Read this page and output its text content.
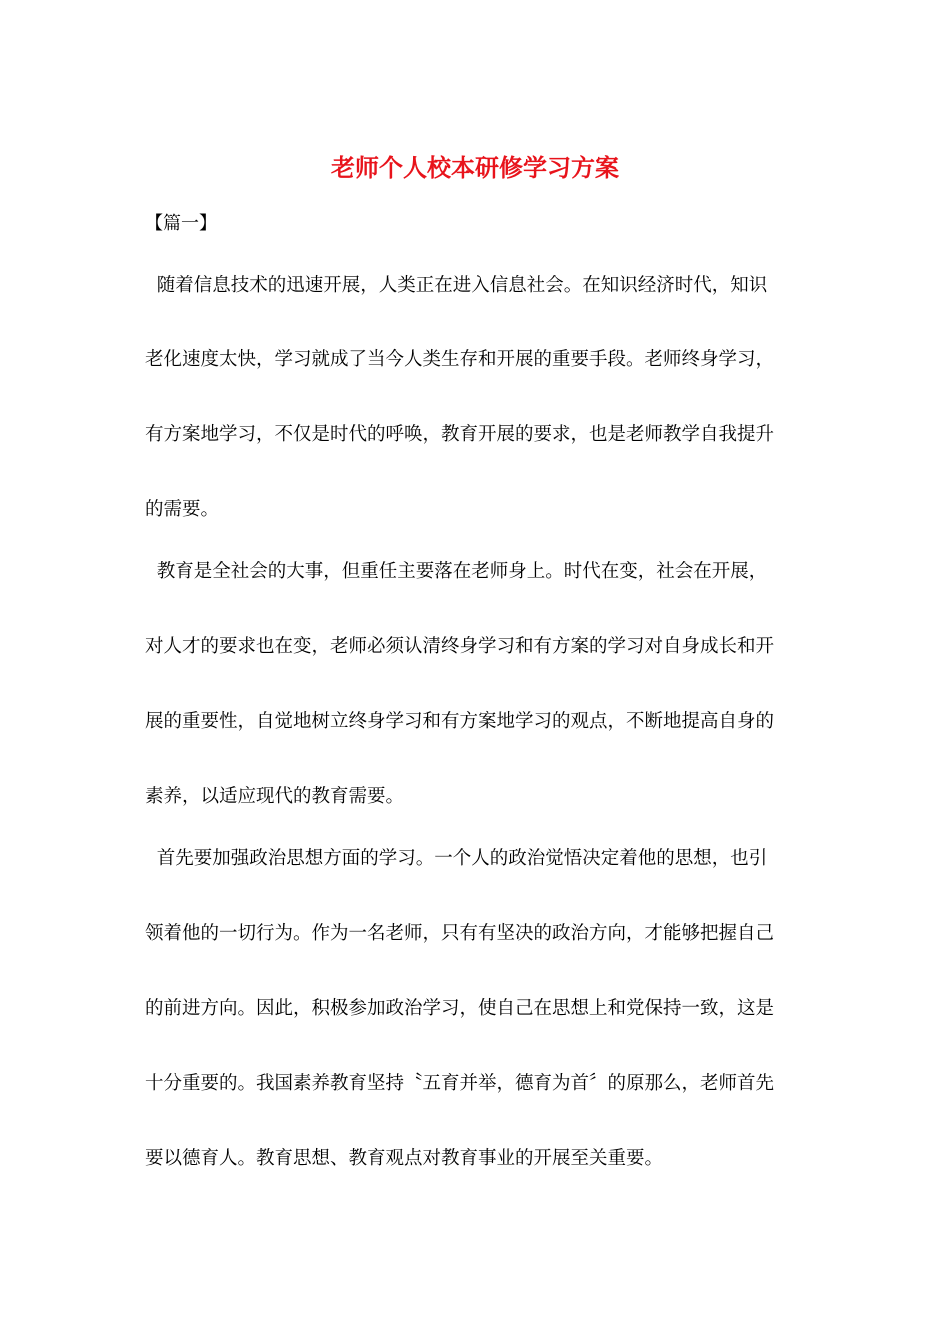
老师个人校本研修学习方案

【篇一】

随着信息技术的迅速开展，人类正在进入信息社会。在知识经济时代，知识

老化速度太快，学习就成了当今人类生存和开展的重要手段。老师终身学习，

有方案地学习，不仅是时代的呼唤，教育开展的要求，也是老师教学自我提升

的需要。

教育是全社会的大事，但重任主要落在老师身上。时代在变，社会在开展，

对人才的要求也在变，老师必须认清终身学习和有方案的学习对自身成长和开

展的重要性，自觉地树立终身学习和有方案地学习的观点，不断地提高自身的

素养，以适应现代的教育需要。

首先要加强政治思想方面的学习。一个人的政治觉悟决定着他的思想，也引

领着他的一切行为。作为一名老师，只有有坚决的政治方向，才能够把握自己

的前进方向。因此，积极参加政治学习，使自己在思想上和党保持一致，这是

十分重要的。我国素养教育坚持〝五育并举，德育为首〞的原那么，老师首先

要以德育人。教育思想、教育观点对教育事业的开展至关重要。
